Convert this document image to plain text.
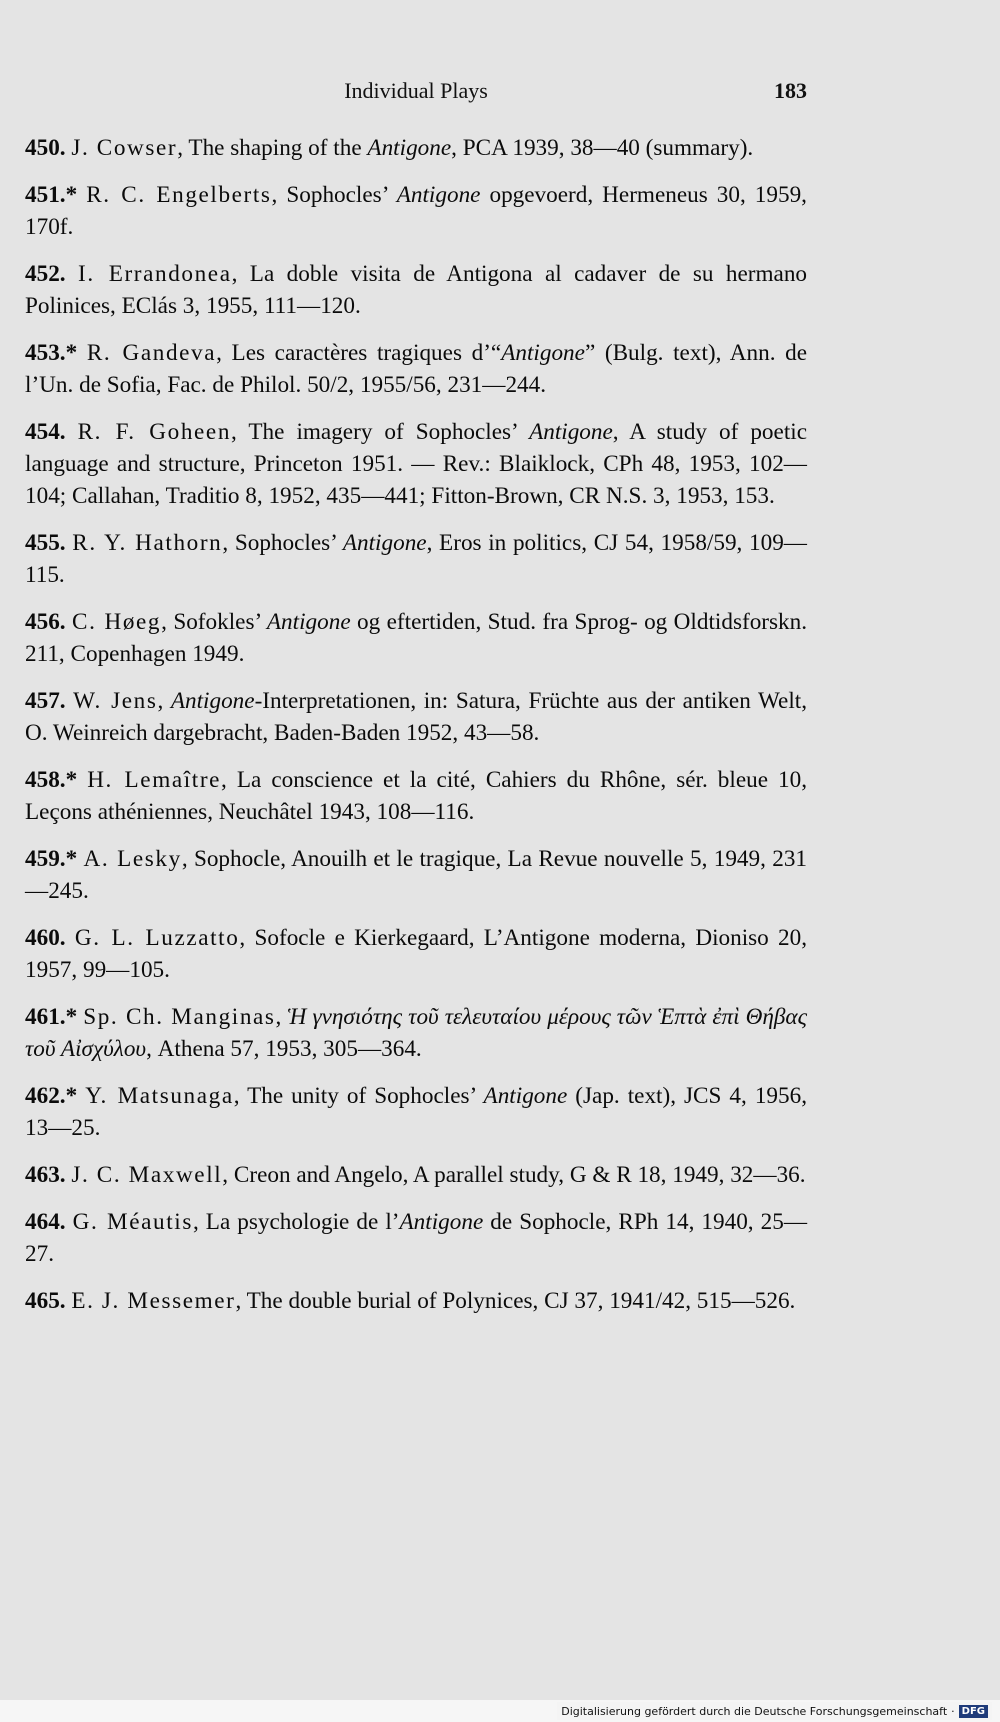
Individual Plays	183

450. J. Cowser, The shaping of the Antigone, PCA 1939, 38—40 (summary).

451.* R. C. Engelberts, Sophocles’ Antigone opgevoerd, Hermeneus 30, 1959, 170f.

452. I. Errandonea, La doble visita de Antigona al cadaver de su hermano Polinices, EClás 3, 1955, 111—120.

453.* R. Gandeva, Les caractères tragiques d’“Antigone” (Bulg. text), Ann. de l’Un. de Sofia, Fac. de Philol. 50/2, 1955/56, 231—244.

454. R. F. Goheen, The imagery of Sophocles’ Antigone, A study of poetic language and structure, Princeton 1951. — Rev.: Blaiklock, CPh 48, 1953, 102—104; Callahan, Traditio 8, 1952, 435—441; Fitton-Brown, CR N.S. 3, 1953, 153.

455. R. Y. Hathorn, Sophocles’ Antigone, Eros in politics, CJ 54, 1958/59, 109—115.

456. C. Høeg, Sofokles’ Antigone og eftertiden, Stud. fra Sprog- og Oldtidsforskn. 211, Copenhagen 1949.

457. W. Jens, Antigone-Interpretationen, in: Satura, Früchte aus der antiken Welt, O. Weinreich dargebracht, Baden-Baden 1952, 43—58.

458.* H. Lemaître, La conscience et la cité, Cahiers du Rhône, sér. bleue 10, Leçons athéniennes, Neuchâtel 1943, 108—116.

459.* A. Lesky, Sophocle, Anouilh et le tragique, La Revue nouvelle 5, 1949, 231—245.

460. G. L. Luzzatto, Sofocle e Kierkegaard, L’Antigone moderna, Dioniso 20, 1957, 99—105.

461.* Sp. Ch. Manginas, Ἡ γνησιότης τοῦ τελευταίου μέρους τῶν Ἑπτὰ ἐπὶ Θήβας τοῦ Αἰσχύλου, Athena 57, 1953, 305—364.

462.* Y. Matsunaga, The unity of Sophocles’ Antigone (Jap. text), JCS 4, 1956, 13—25.

463. J. C. Maxwell, Creon and Angelo, A parallel study, G & R 18, 1949, 32—36.

464. G. Méautis, La psychologie de l’Antigone de Sophocle, RPh 14, 1940, 25—27.

465. E. J. Messemer, The double burial of Polynices, CJ 37, 1941/42, 515—526.

Digitalisierung gefördert durch die Deutsche Forschungsgemeinschaft · DFG
